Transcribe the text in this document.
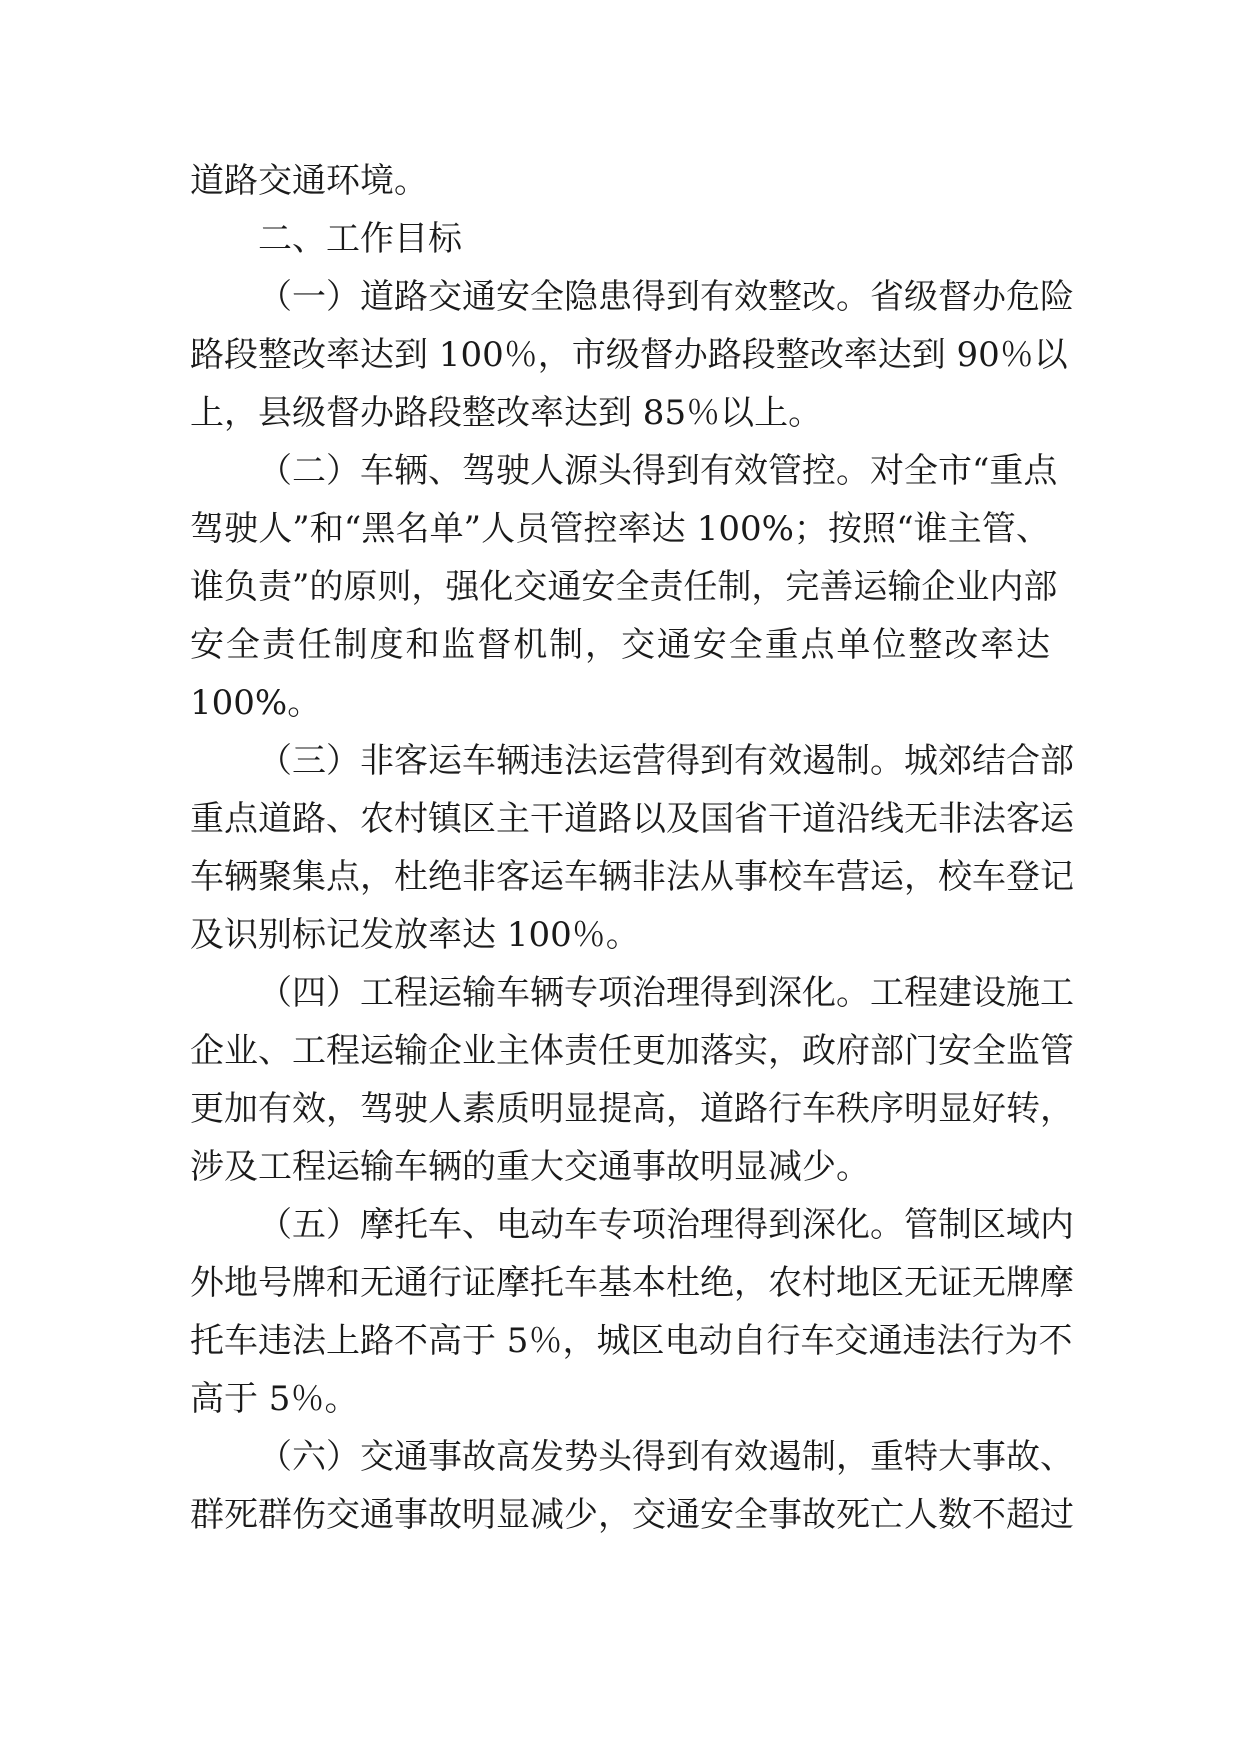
道路交通环境。
二、工作目标
（一）道路交通安全隐患得到有效整改。省级督办危险
路段整改率达到 100％，市级督办路段整改率达到 90％以
上，县级督办路段整改率达到 85％以上。
（二）车辆、驾驶人源头得到有效管控。对全市“重点
驾驶人”和“黑名单”人员管控率达 100%；按照“谁主管、
谁负责”的原则，强化交通安全责任制，完善运输企业内部
安全责任制度和监督机制，交通安全重点单位整改率达
100%。
（三）非客运车辆违法运营得到有效遏制。城郊结合部
重点道路、农村镇区主干道路以及国省干道沿线无非法客运
车辆聚集点，杜绝非客运车辆非法从事校车营运，校车登记
及识别标记发放率达 100％。
（四）工程运输车辆专项治理得到深化。工程建设施工
企业、工程运输企业主体责任更加落实，政府部门安全监管
更加有效，驾驶人素质明显提高，道路行车秩序明显好转，
涉及工程运输车辆的重大交通事故明显减少。
（五）摩托车、电动车专项治理得到深化。管制区域内
外地号牌和无通行证摩托车基本杜绝，农村地区无证无牌摩
托车违法上路不高于 5％，城区电动自行车交通违法行为不
高于 5％。
（六）交通事故高发势头得到有效遏制，重特大事故、
群死群伤交通事故明显减少，交通安全事故死亡人数不超过
